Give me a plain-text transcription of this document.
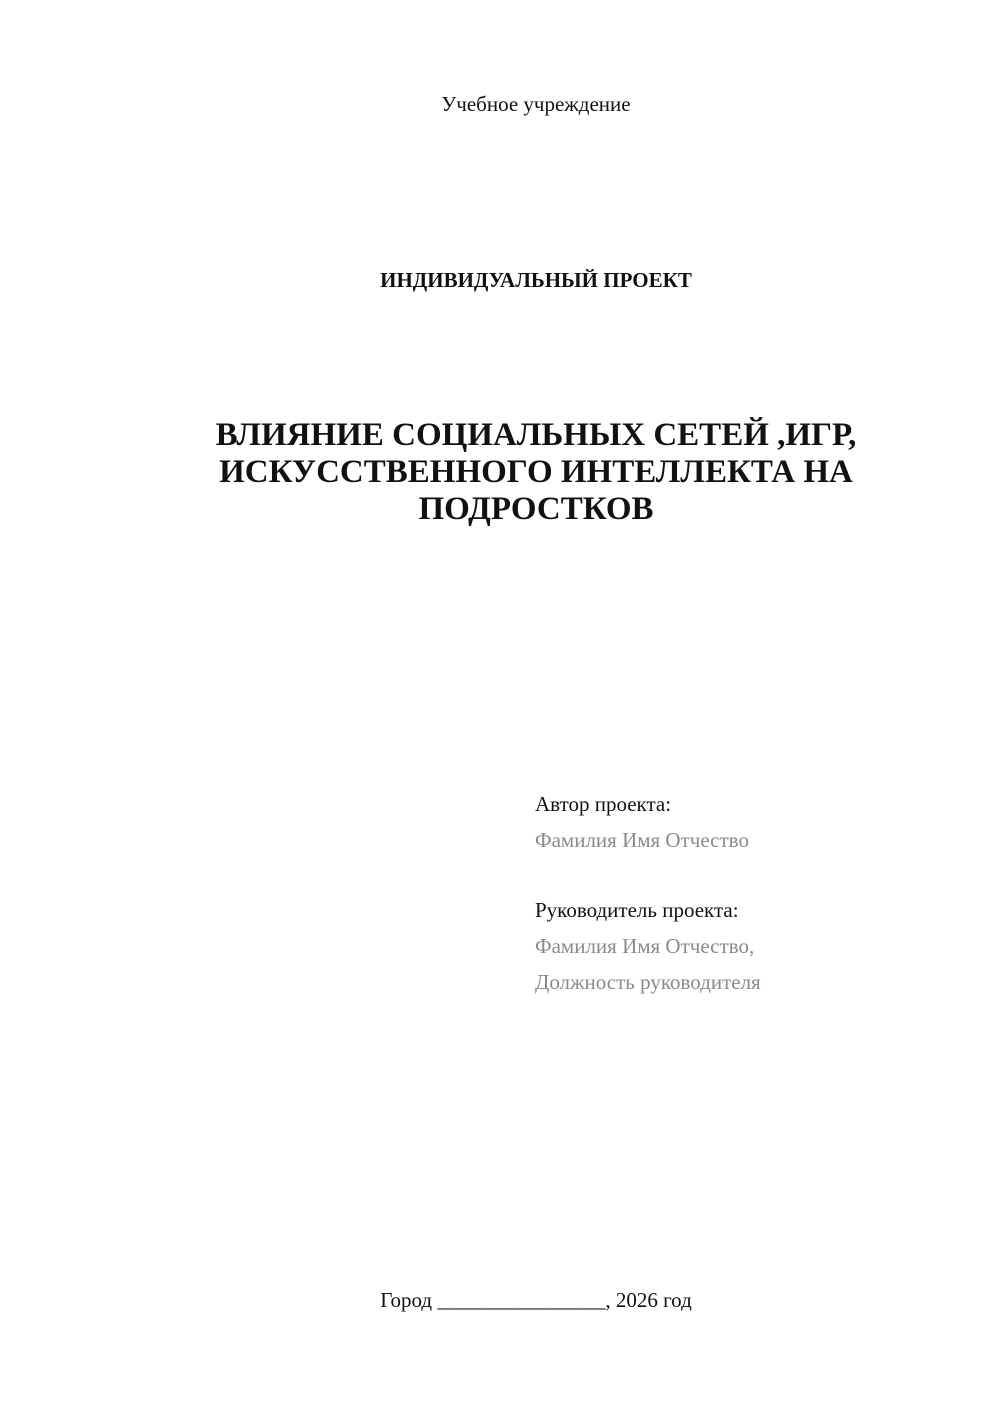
Учебное учреждение
ИНДИВИДУАЛЬНЫЙ ПРОЕКТ
ВЛИЯНИЕ СОЦИАЛЬНЫХ СЕТЕЙ ,ИГР,
ИСКУССТВЕННОГО ИНТЕЛЛЕКТА НА
ПОДРОСТКОВ
Автор проекта:
Фамилия Имя Отчество
Руководитель проекта:
Фамилия Имя Отчество,
Должность руководителя
Город ________________, 2026 год
